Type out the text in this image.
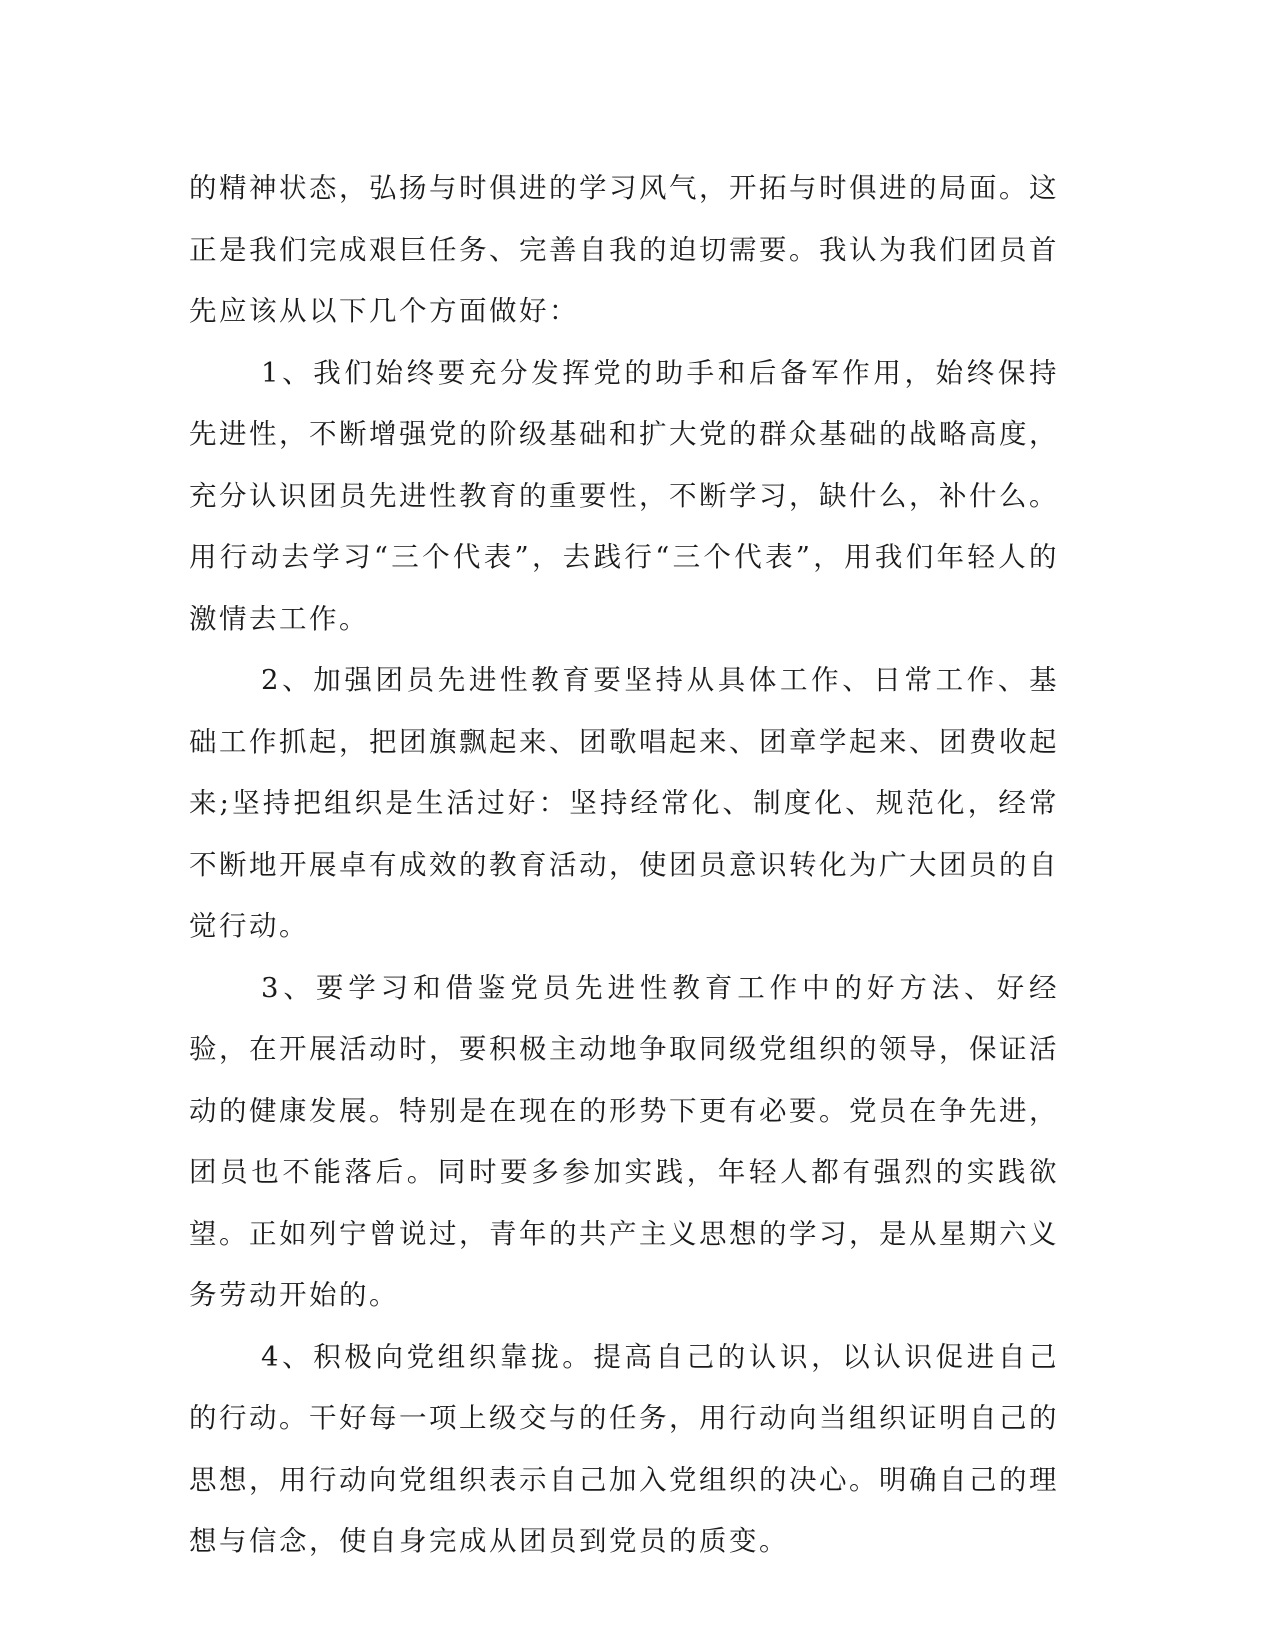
的精神状态，弘扬与时俱进的学习风气，开拓与时俱进的局面。这正是我们完成艰巨任务、完善自我的迫切需要。我认为我们团员首先应该从以下几个方面做好：

1、我们始终要充分发挥党的助手和后备军作用，始终保持先进性，不断增强党的阶级基础和扩大党的群众基础的战略高度，充分认识团员先进性教育的重要性，不断学习，缺什么，补什么。用行动去学习“三个代表”，去践行“三个代表”，用我们年轻人的激情去工作。

2、加强团员先进性教育要坚持从具体工作、日常工作、基础工作抓起，把团旗飘起来、团歌唱起来、团章学起来、团费收起来;坚持把组织是生活过好：坚持经常化、制度化、规范化，经常不断地开展卓有成效的教育活动，使团员意识转化为广大团员的自觉行动。

3、要学习和借鉴党员先进性教育工作中的好方法、好经验，在开展活动时，要积极主动地争取同级党组织的领导，保证活动的健康发展。特别是在现在的形势下更有必要。党员在争先进，团员也不能落后。同时要多参加实践，年轻人都有强烈的实践欲望。正如列宁曾说过，青年的共产主义思想的学习，是从星期六义务劳动开始的。

4、积极向党组织靠拢。提高自己的认识，以认识促进自己的行动。干好每一项上级交与的任务，用行动向当组织证明自己的思想，用行动向党组织表示自己加入党组织的决心。明确自己的理想与信念，使自身完成从团员到党员的质变。
